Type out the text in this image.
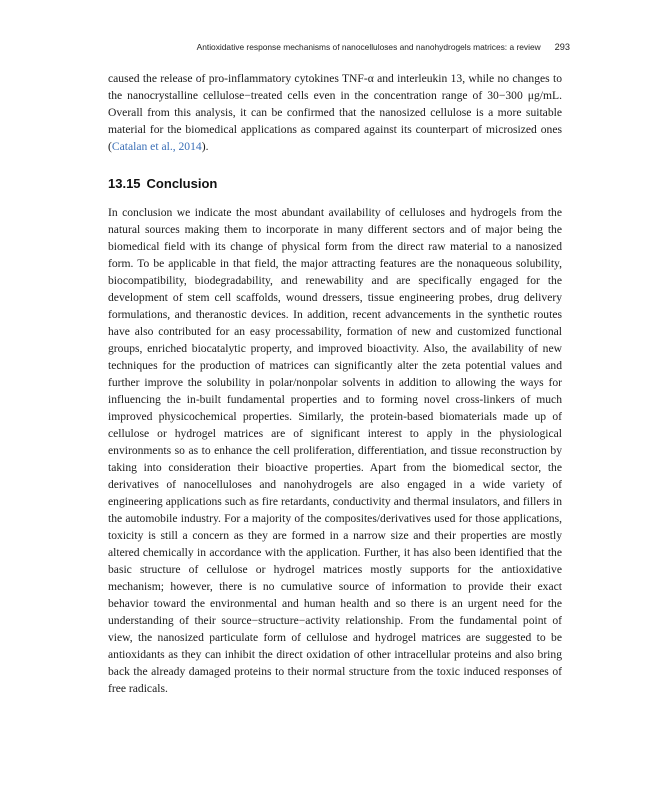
Antioxidative response mechanisms of nanocelluloses and nanohydrogels matrices: a review 293

caused the release of pro-inflammatory cytokines TNF-α and interleukin 13, while no changes to the nanocrystalline cellulose−treated cells even in the concentration range of 30−300 μg/mL. Overall from this analysis, it can be confirmed that the nanosized cellulose is a more suitable material for the biomedical applications as compared against its counterpart of microsized ones (Catalan et al., 2014).

13.15 Conclusion

In conclusion we indicate the most abundant availability of celluloses and hydrogels from the natural sources making them to incorporate in many different sectors and of major being the biomedical field with its change of physical form from the direct raw material to a nanosized form. To be applicable in that field, the major attracting features are the nonaqueous solubility, biocompatibility, biodegradability, and renewability and are specifically engaged for the development of stem cell scaffolds, wound dressers, tissue engineering probes, drug delivery formulations, and theranostic devices. In addition, recent advancements in the synthetic routes have also contributed for an easy processability, formation of new and customized functional groups, enriched biocatalytic property, and improved bioactivity. Also, the availability of new techniques for the production of matrices can significantly alter the zeta potential values and further improve the solubility in polar/nonpolar solvents in addition to allowing the ways for influencing the in-built fundamental properties and to forming novel cross-linkers of much improved physicochemical properties. Similarly, the protein-based biomaterials made up of cellulose or hydrogel matrices are of significant interest to apply in the physiological environments so as to enhance the cell proliferation, differentiation, and tissue reconstruction by taking into consideration their bioactive properties. Apart from the biomedical sector, the derivatives of nanocelluloses and nanohydrogels are also engaged in a wide variety of engineering applications such as fire retardants, conductivity and thermal insulators, and fillers in the automobile industry. For a majority of the composites/derivatives used for those applications, toxicity is still a concern as they are formed in a narrow size and their properties are mostly altered chemically in accordance with the application. Further, it has also been identified that the basic structure of cellulose or hydrogel matrices mostly supports for the antioxidative mechanism; however, there is no cumulative source of information to provide their exact behavior toward the environmental and human health and so there is an urgent need for the understanding of their source−structure−activity relationship. From the fundamental point of view, the nanosized particulate form of cellulose and hydrogel matrices are suggested to be antioxidants as they can inhibit the direct oxidation of other intracellular proteins and also bring back the already damaged proteins to their normal structure from the toxic induced responses of free radicals.
